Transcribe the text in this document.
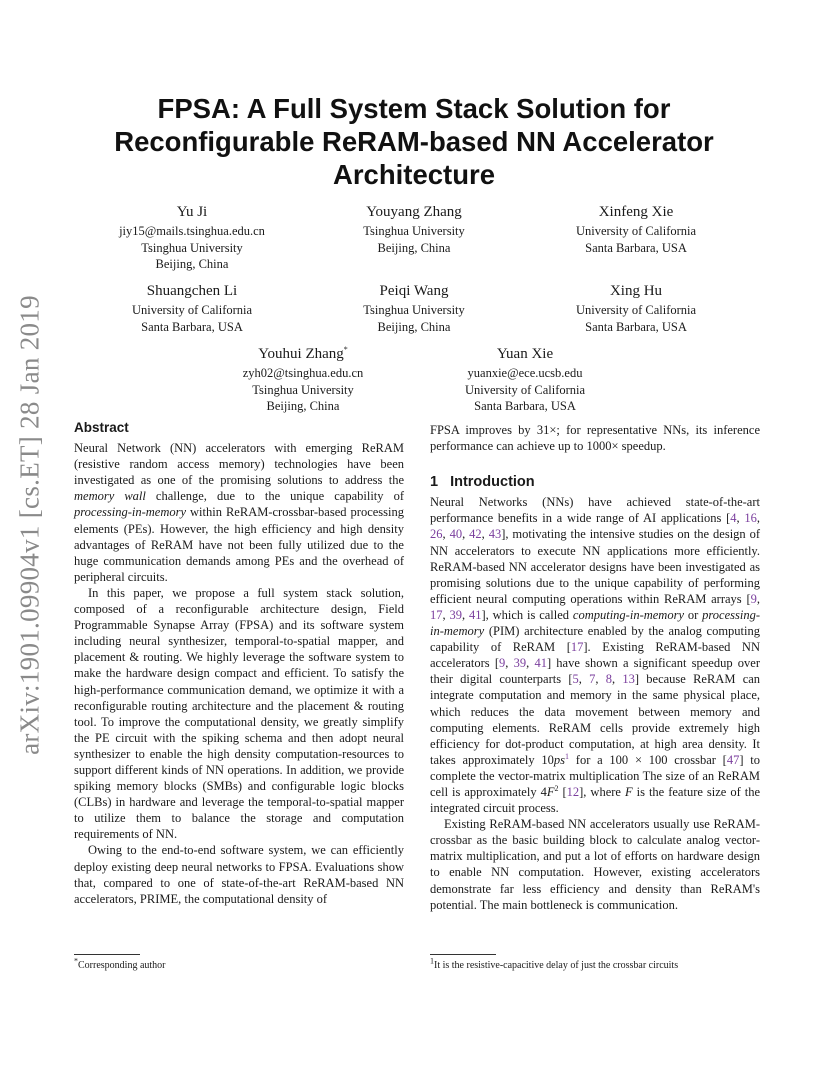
arXiv:1901.09904v1 [cs.ET] 28 Jan 2019
FPSA: A Full System Stack Solution for
Reconfigurable ReRAM-based NN Accelerator
Architecture
Yu Ji
jiy15@mails.tsinghua.edu.cn
Tsinghua University
Beijing, China
Youyang Zhang
Tsinghua University
Beijing, China
Xinfeng Xie
University of California
Santa Barbara, USA
Shuangchen Li
University of California
Santa Barbara, USA
Peiqi Wang
Tsinghua University
Beijing, China
Xing Hu
University of California
Santa Barbara, USA
Youhui Zhang*
zyh02@tsinghua.edu.cn
Tsinghua University
Beijing, China
Yuan Xie
yuanxie@ece.ucsb.edu
University of California
Santa Barbara, USA
Abstract

Neural Network (NN) accelerators with emerging ReRAM (resistive random access memory) technologies have been investigated as one of the promising solutions to address the memory wall challenge, due to the unique capability of processing-in-memory within ReRAM-crossbar-based processing elements (PEs). However, the high efficiency and high density advantages of ReRAM have not been fully utilized due to the huge communication demands among PEs and the overhead of peripheral circuits.

In this paper, we propose a full system stack solution, composed of a reconfigurable architecture design, Field Programmable Synapse Array (FPSA) and its software system including neural synthesizer, temporal-to-spatial mapper, and placement & routing. We highly leverage the software system to make the hardware design compact and efficient. To satisfy the high-performance communication demand, we optimize it with a reconfigurable routing architecture and the placement & routing tool. To improve the computational density, we greatly simplify the PE circuit with the spiking schema and then adopt neural synthesizer to enable the high density computation-resources to support different kinds of NN operations. In addition, we provide spiking memory blocks (SMBs) and configurable logic blocks (CLBs) in hardware and leverage the temporal-to-spatial mapper to utilize them to balance the storage and computation requirements of NN.

Owing to the end-to-end software system, we can efficiently deploy existing deep neural networks to FPSA. Evaluations show that, compared to one of state-of-the-art ReRAM-based NN accelerators, PRIME, the computational density of

FPSA improves by 31×; for representative NNs, its inference performance can achieve up to 1000× speedup.

1 Introduction

Neural Networks (NNs) have achieved state-of-the-art performance benefits in a wide range of AI applications [4, 16, 26, 40, 42, 43], motivating the intensive studies on the design of NN accelerators to execute NN applications more efficiently. ReRAM-based NN accelerator designs have been investigated as promising solutions due to the unique capability of performing efficient neural computing operations within ReRAM arrays [9, 17, 39, 41], which is called computing-in-memory or processing-in-memory (PIM) architecture enabled by the analog computing capability of ReRAM [17]. Existing ReRAM-based NN accelerators [9, 39, 41] have shown a significant speedup over their digital counterparts [5, 7, 8, 13] because ReRAM can integrate computation and memory in the same physical place, which reduces the data movement between memory and computing elements. ReRAM cells provide extremely high efficiency for dot-product computation, at high area density. It takes approximately 10ps$^1$ for a 100 × 100 crossbar [47] to complete the vector-matrix multiplication The size of an ReRAM cell is approximately $4F^2$ [12], where F is the feature size of the integrated circuit process.

Existing ReRAM-based NN accelerators usually use ReRAM-crossbar as the basic building block to calculate analog vector-matrix multiplication, and put a lot of efforts on hardware design to enable NN computation. However, existing accelerators demonstrate far less efficiency and density than ReRAM's potential. The main bottleneck is communication.

*Corresponding author	$^1$It is the resistive-capacitive delay of just the crossbar circuits
